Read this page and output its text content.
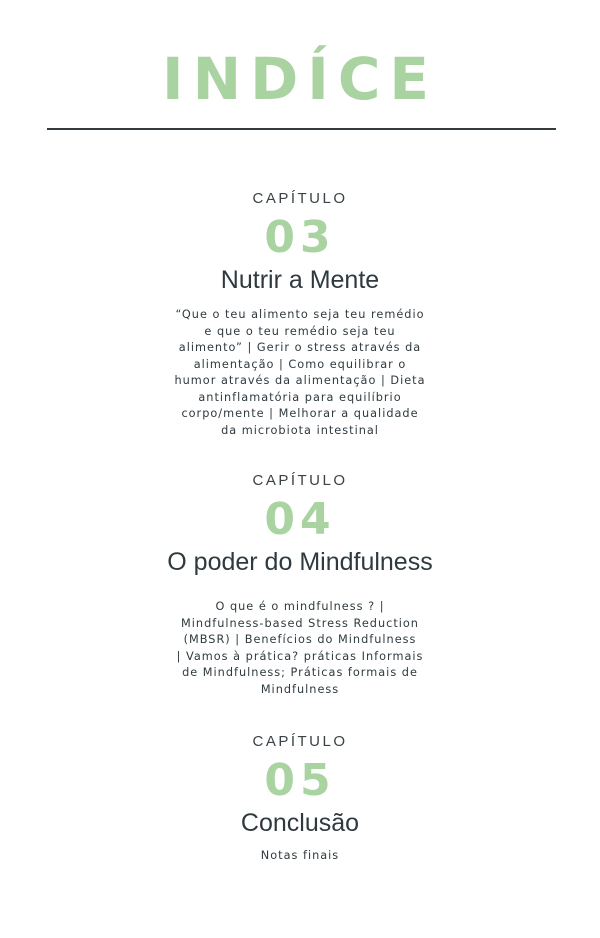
INDÍCE
CAPÍTULO
03
Nutrir a Mente
“Que o teu alimento seja teu remédio
e que o teu remédio seja teu
alimento” | Gerir o stress através da
alimentação | Como equilibrar o
humor através da alimentação | Dieta
antinflamatória para equilíbrio
corpo/mente | Melhorar a qualidade
da microbiota intestinal
CAPÍTULO
04
O poder do Mindfulness
O que é o mindfulness ? |
Mindfulness-based Stress Reduction
(MBSR) | Benefícios do Mindfulness
| Vamos à prática? práticas Informais
de Mindfulness; Práticas formais de
Mindfulness
CAPÍTULO
05
Conclusão
Notas finais
